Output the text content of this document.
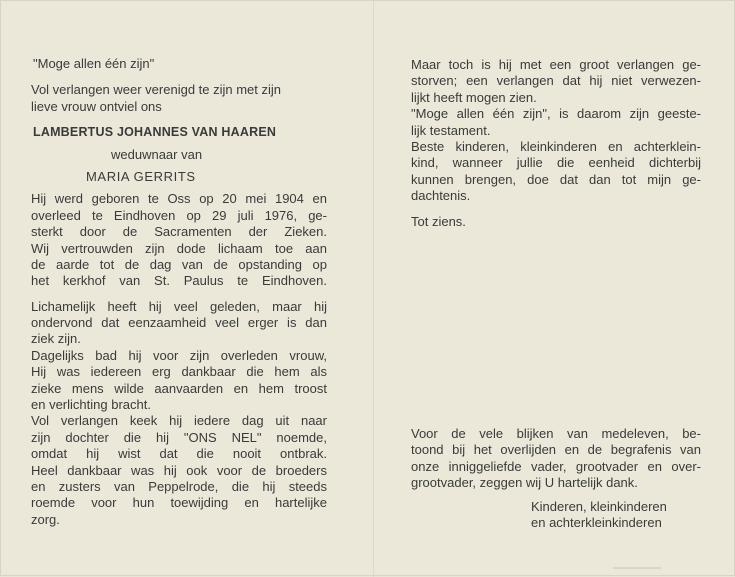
"Moge allen één zijn"
Vol verlangen weer verenigd te zijn met zijn
lieve vrouw ontviel ons
LAMBERTUS JOHANNES VAN HAAREN
weduwnaar van
MARIA GERRITS
Hij werd geboren te Oss op 20 mei 1904 en
overleed te Eindhoven op 29 juli 1976, ge-
sterkt door de Sacramenten der Zieken.
Wij vertrouwden zijn dode lichaam toe aan
de aarde tot de dag van de opstanding op
het kerkhof van St. Paulus te Eindhoven.
Lichamelijk heeft hij veel geleden, maar hij
ondervond dat eenzaamheid veel erger is dan
ziek zijn.
Dagelijks bad hij voor zijn overleden vrouw,
Hij was iedereen erg dankbaar die hem als
zieke mens wilde aanvaarden en hem troost
en verlichting bracht.
Vol verlangen keek hij iedere dag uit naar
zijn dochter die hij "ONS NEL" noemde,
omdat hij wist dat die nooit ontbrak.
Heel dankbaar was hij ook voor de broeders
en zusters van Peppelrode, die hij steeds
roemde voor hun toewijding en hartelijke
zorg.
Maar toch is hij met een groot verlangen ge-
storven; een verlangen dat hij niet verwezen-
lijkt heeft mogen zien.
"Moge allen één zijn", is daarom zijn geeste-
lijk testament.
Beste kinderen, kleinkinderen en achterklein-
kind, wanneer jullie die eenheid dichterbij
kunnen brengen, doe dat dan tot mijn ge-
dachtenis.
Tot ziens.
Voor de vele blijken van medeleven, be-
toond bij het overlijden en de begrafenis van
onze inniggeliefde vader, grootvader en over-
grootvader, zeggen wij U hartelijk dank.
Kinderen, kleinkinderen
en achterkleinkinderen
